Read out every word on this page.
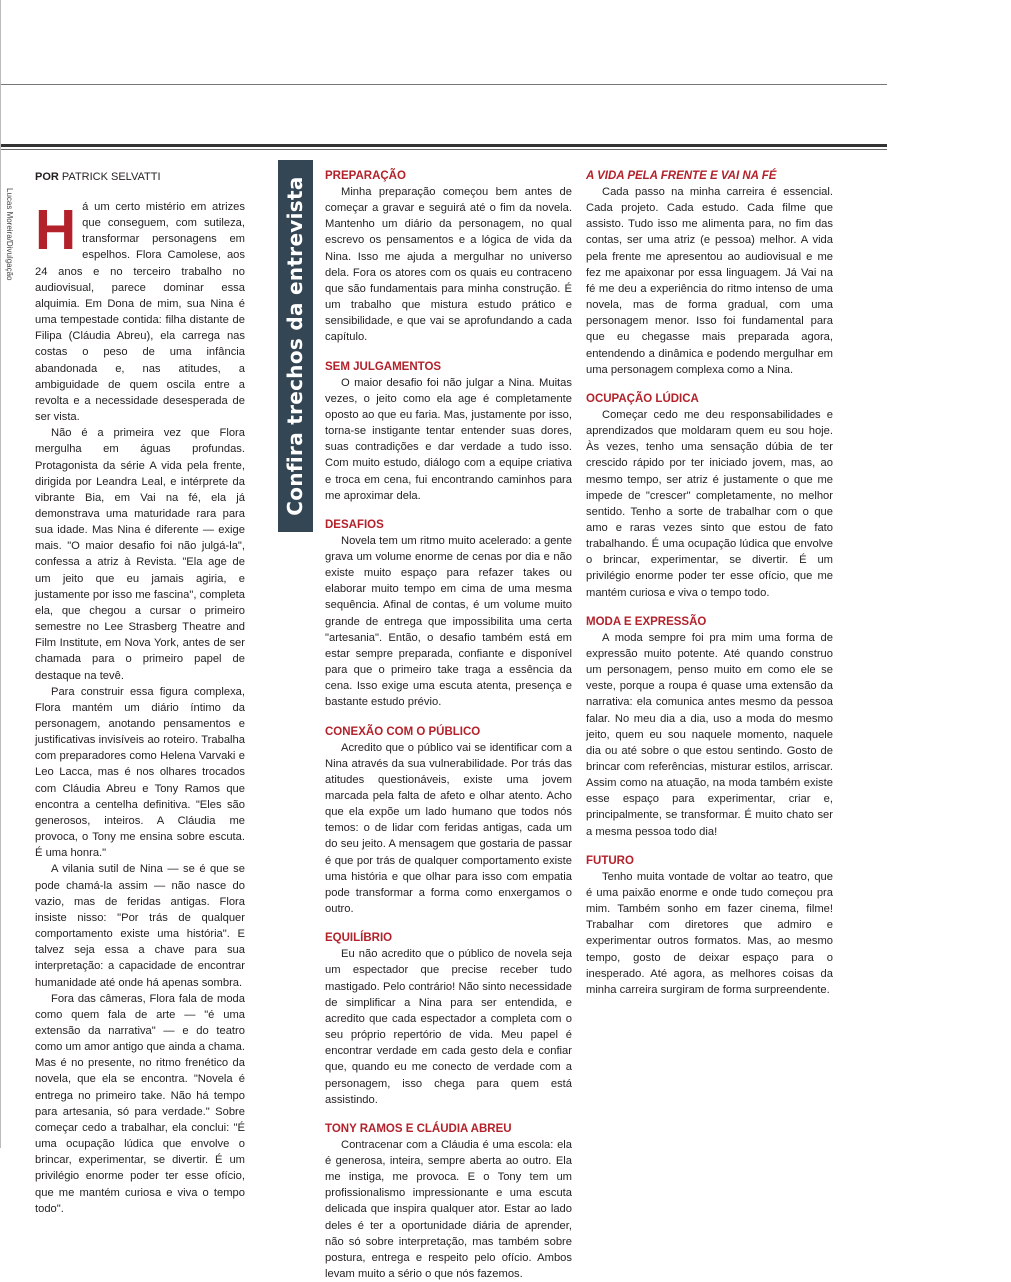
Lucas Moreira/Divulgação
POR PATRICK SELVATTI

Há um certo mistério em atrizes que conseguem, com sutileza, transformar personagens em espelhos. Flora Camolese, aos 24 anos e no terceiro trabalho no audiovisual, parece dominar essa alquimia. Em Dona de mim, sua Nina é uma tempestade contida: filha distante de Filipa (Cláudia Abreu), ela carrega nas costas o peso de uma infância abandonada e, nas atitudes, a ambiguidade de quem oscila entre a revolta e a necessidade desesperada de ser vista.

Não é a primeira vez que Flora mergulha em águas profundas. Protagonista da série A vida pela frente, dirigida por Leandra Leal, e intérprete da vibrante Bia, em Vai na fé, ela já demonstrava uma maturidade rara para sua idade. Mas Nina é diferente — exige mais. "O maior desafio foi não julgá-la", confessa a atriz à Revista. "Ela age de um jeito que eu jamais agiria, e justamente por isso me fascina", completa ela, que chegou a cursar o primeiro semestre no Lee Strasberg Theatre and Film Institute, em Nova York, antes de ser chamada para o primeiro papel de destaque na tevê.

Para construir essa figura complexa, Flora mantém um diário íntimo da personagem, anotando pensamentos e justificativas invisíveis ao roteiro. Trabalha com preparadores como Helena Varvaki e Leo Lacca, mas é nos olhares trocados com Cláudia Abreu e Tony Ramos que encontra a centelha definitiva. "Eles são generosos, inteiros. A Cláudia me provoca, o Tony me ensina sobre escuta. É uma honra."

A vilania sutil de Nina — se é que se pode chamá-la assim — não nasce do vazio, mas de feridas antigas. Flora insiste nisso: "Por trás de qualquer comportamento existe uma história". E talvez seja essa a chave para sua interpretação: a capacidade de encontrar humanidade até onde há apenas sombra.

Fora das câmeras, Flora fala de moda como quem fala de arte — "é uma extensão da narrativa" — e do teatro como um amor antigo que ainda a chama. Mas é no presente, no ritmo frenético da novela, que ela se encontra. "Novela é entrega no primeiro take. Não há tempo para artesania, só para verdade." Sobre começar cedo a trabalhar, ela conclui: "É uma ocupação lúdica que envolve o brincar, experimentar, se divertir. É um privilégio enorme poder ter esse ofício, que me mantém curiosa e viva o tempo todo".

Confira trechos da entrevista
PREPARAÇÃO

Minha preparação começou bem antes de começar a gravar e seguirá até o fim da novela. Mantenho um diário da personagem, no qual escrevo os pensamentos e a lógica de vida da Nina. Isso me ajuda a mergulhar no universo dela. Fora os atores com os quais eu contraceno que são fundamentais para minha construção. É um trabalho que mistura estudo prático e sensibilidade, e que vai se aprofundando a cada capítulo.

SEM JULGAMENTOS

O maior desafio foi não julgar a Nina. Muitas vezes, o jeito como ela age é completamente oposto ao que eu faria. Mas, justamente por isso, torna-se instigante tentar entender suas dores, suas contradições e dar verdade a tudo isso. Com muito estudo, diálogo com a equipe criativa e troca em cena, fui encontrando caminhos para me aproximar dela.

DESAFIOS

Novela tem um ritmo muito acelerado: a gente grava um volume enorme de cenas por dia e não existe muito espaço para refazer takes ou elaborar muito tempo em cima de uma mesma sequência. Afinal de contas, é um volume muito grande de entrega que impossibilita uma certa "artesania". Então, o desafio também está em estar sempre preparada, confiante e disponível para que o primeiro take traga a essência da cena. Isso exige uma escuta atenta, presença e bastante estudo prévio.

CONEXÃO COM O PÚBLICO

Acredito que o público vai se identificar com a Nina através da sua vulnerabilidade. Por trás das atitudes questionáveis, existe uma jovem marcada pela falta de afeto e olhar atento. Acho que ela expõe um lado humano que todos nós temos: o de lidar com feridas antigas, cada um do seu jeito. A mensagem que gostaria de passar é que por trás de qualquer comportamento existe uma história e que olhar para isso com empatia pode transformar a forma como enxergamos o outro.

EQUILÍBRIO

Eu não acredito que o público de novela seja um espectador que precise receber tudo mastigado. Pelo contrário! Não sinto necessidade de simplificar a Nina para ser entendida, e acredito que cada espectador a completa com o seu próprio repertório de vida. Meu papel é encontrar verdade em cada gesto dela e confiar que, quando eu me conecto de verdade com a personagem, isso chega para quem está assistindo.

TONY RAMOS E CLÁUDIA ABREU

Contracenar com a Cláudia é uma escola: ela é generosa, inteira, sempre aberta ao outro. Ela me instiga, me provoca. E o Tony tem um profissionalismo impressionante e uma escuta delicada que inspira qualquer ator. Estar ao lado deles é ter a oportunidade diária de aprender, não só sobre interpretação, mas também sobre postura, entrega e respeito pelo ofício. Ambos levam muito a sério o que nós fazemos.

A VIDA PELA FRENTE E VAI NA FÉ

Cada passo na minha carreira é essencial. Cada projeto. Cada estudo. Cada filme que assisto. Tudo isso me alimenta para, no fim das contas, ser uma atriz (e pessoa) melhor. A vida pela frente me apresentou ao audiovisual e me fez me apaixonar por essa linguagem. Já Vai na fé me deu a experiência do ritmo intenso de uma novela, mas de forma gradual, com uma personagem menor. Isso foi fundamental para que eu chegasse mais preparada agora, entendendo a dinâmica e podendo mergulhar em uma personagem complexa como a Nina.

OCUPAÇÃO LÚDICA

Começar cedo me deu responsabilidades e aprendizados que moldaram quem eu sou hoje. Às vezes, tenho uma sensação dúbia de ter crescido rápido por ter iniciado jovem, mas, ao mesmo tempo, ser atriz é justamente o que me impede de "crescer" completamente, no melhor sentido. Tenho a sorte de trabalhar com o que amo e raras vezes sinto que estou de fato trabalhando. É uma ocupação lúdica que envolve o brincar, experimentar, se divertir. É um privilégio enorme poder ter esse ofício, que me mantém curiosa e viva o tempo todo.

MODA E EXPRESSÃO

A moda sempre foi pra mim uma forma de expressão muito potente. Até quando construo um personagem, penso muito em como ele se veste, porque a roupa é quase uma extensão da narrativa: ela comunica antes mesmo da pessoa falar. No meu dia a dia, uso a moda do mesmo jeito, quem eu sou naquele momento, naquele dia ou até sobre o que estou sentindo. Gosto de brincar com referências, misturar estilos, arriscar. Assim como na atuação, na moda também existe esse espaço para experimentar, criar e, principalmente, se transformar. É muito chato ser a mesma pessoa todo dia!

FUTURO

Tenho muita vontade de voltar ao teatro, que é uma paixão enorme e onde tudo começou pra mim. Também sonho em fazer cinema, filme! Trabalhar com diretores que admiro e experimentar outros formatos. Mas, ao mesmo tempo, gosto de deixar espaço para o inesperado. Até agora, as melhores coisas da minha carreira surgiram de forma surpreendente.
